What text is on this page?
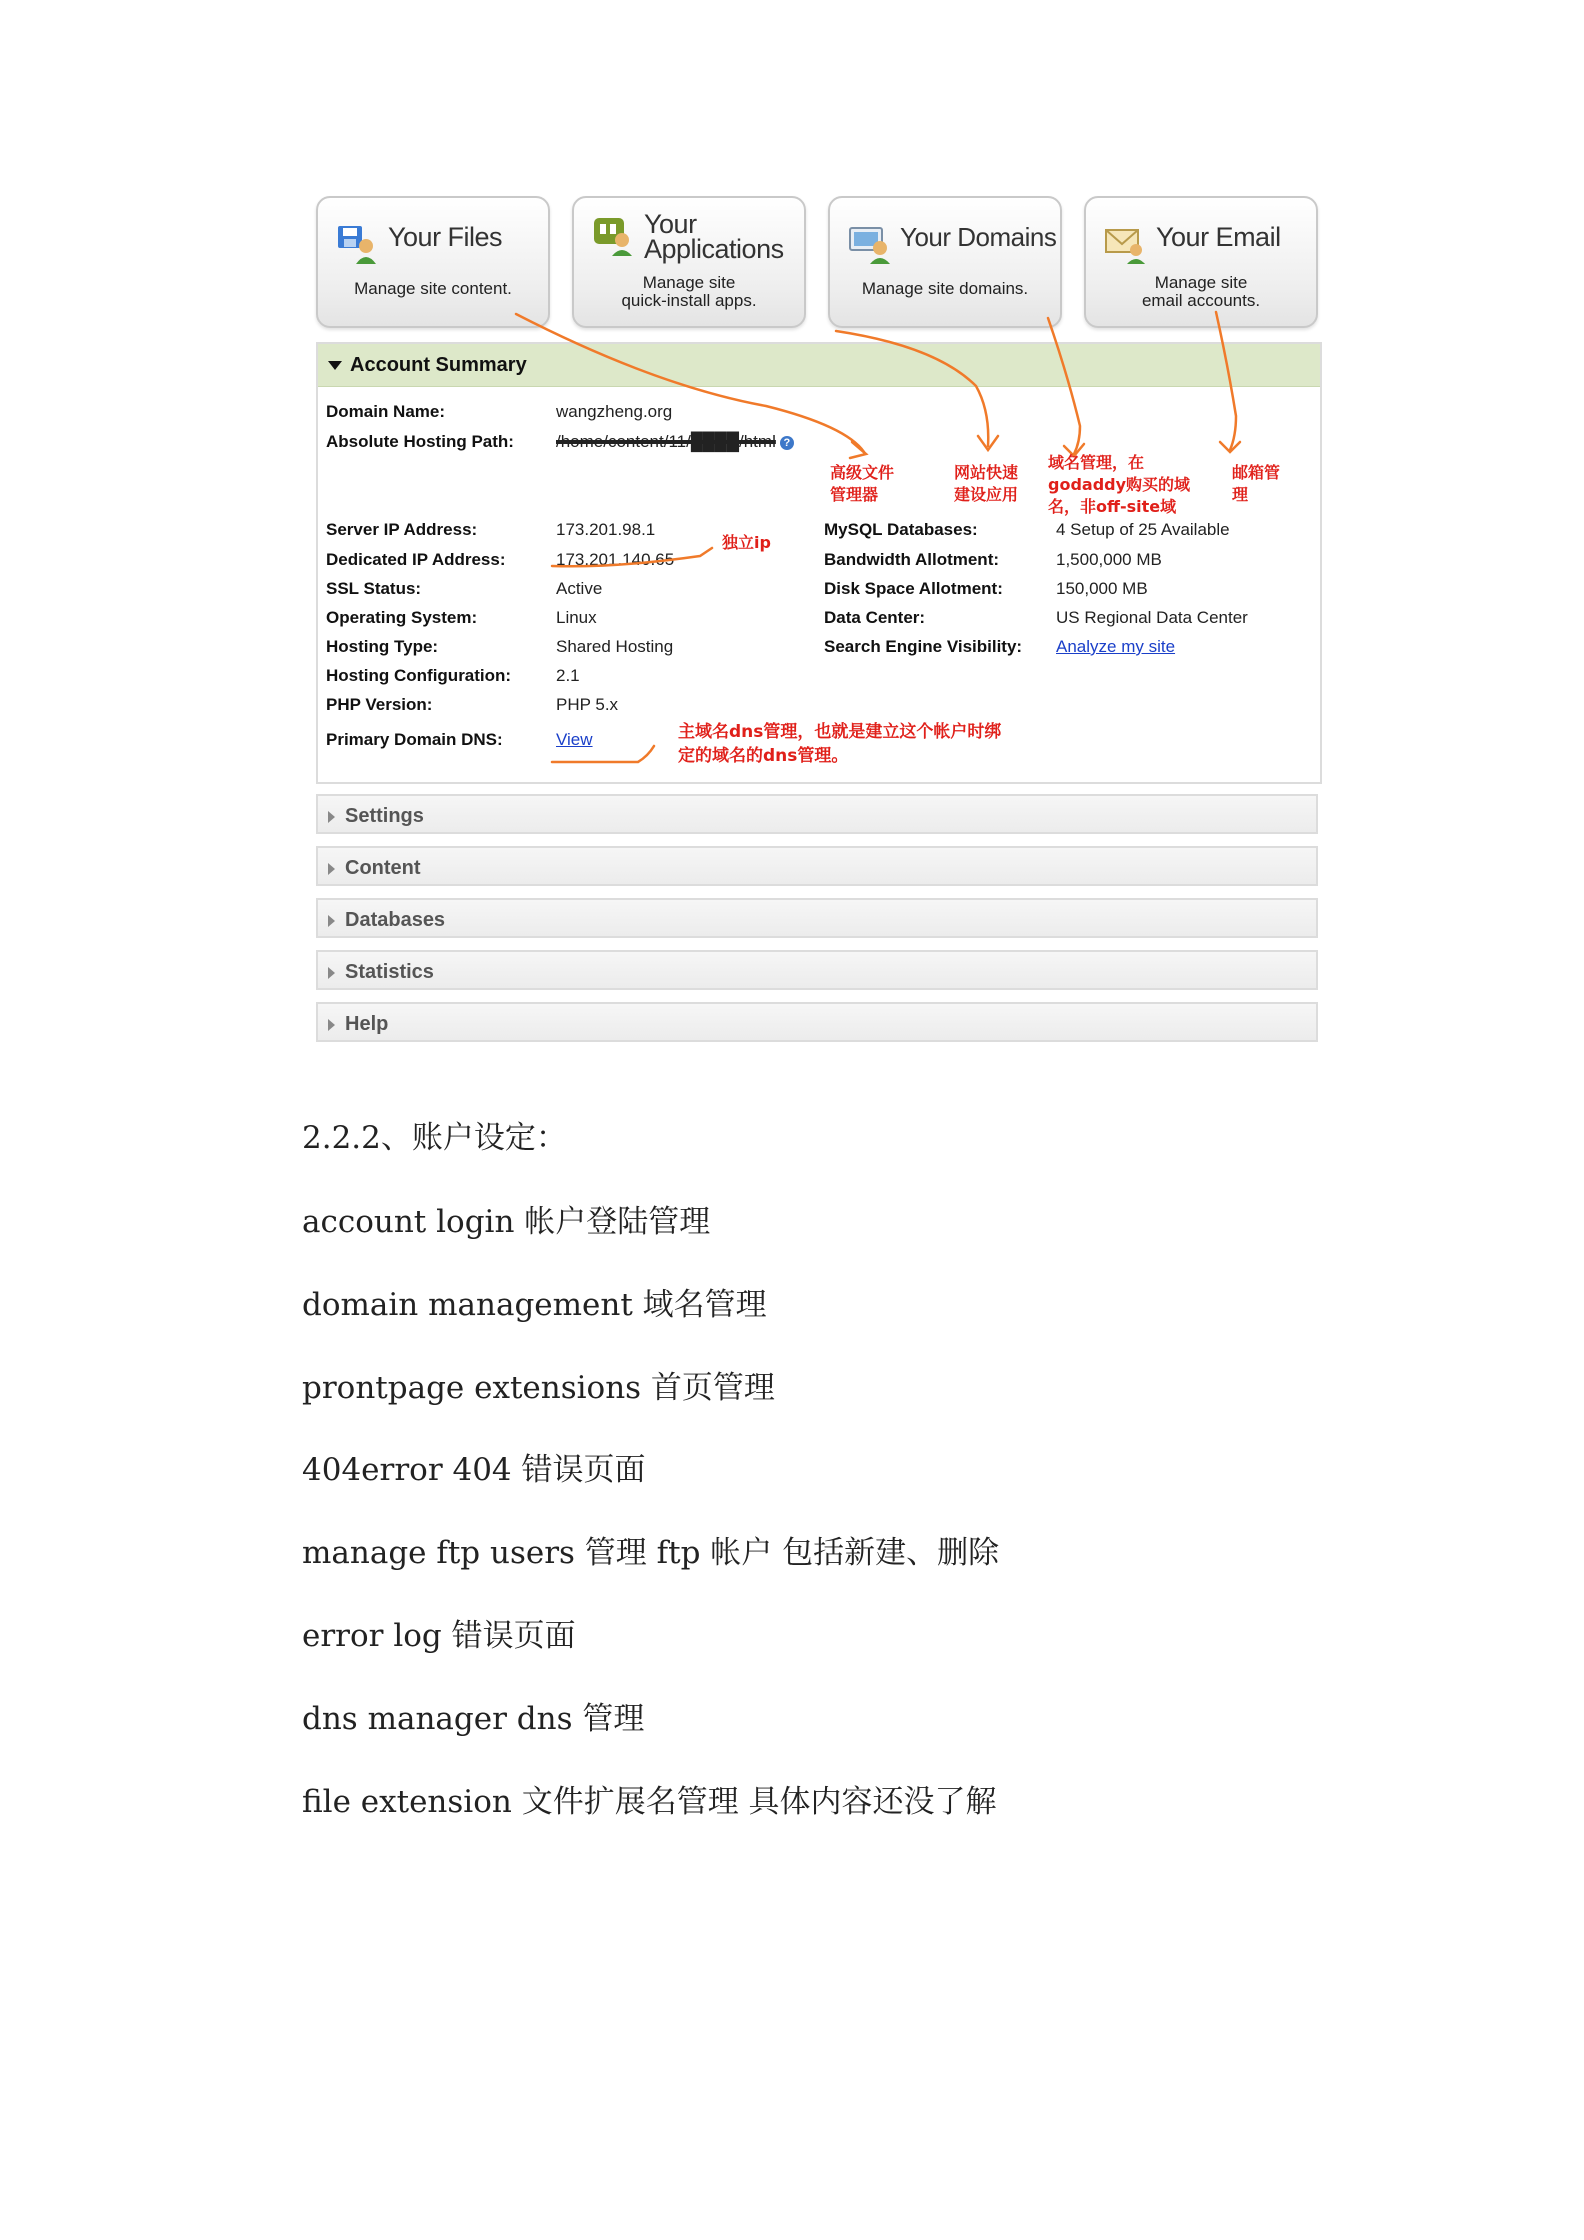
Your Files
Manage site content.
Your
Applications
Manage site
quick-install apps.
Your Domains
Manage site domains.
Your Email
Manage site
email accounts.
Account Summary
Domain Name:	wangzheng.org
Absolute Hosting Path: /home/content/11/████/html ?
Server IP Address:	173.201.98.1
Dedicated IP Address:	173.201.140.65
SSL Status:	Active
Operating System:	Linux
Hosting Type:	Shared Hosting
Hosting Configuration:	2.1
PHP Version:	PHP 5.x
Primary Domain DNS:	View
MySQL Databases:	4 Setup of 25 Available
Bandwidth Allotment:	1,500,000 MB
Disk Space Allotment:	150,000 MB
Data Center:	US Regional Data Center
Search Engine Visibility: Analyze my site
Settings
Content
Databases
Statistics
Help
高级文件
管理器
网站快速
建设应用
域名管理，在
godaddy购买的域
名，非off-site域
邮箱管
理
独立ip
主域名dns管理，也就是建立这个帐户时绑
定的域名的dns管理。
2.2.2、账户设定：
account login 帐户登陆管理
domain management 域名管理
prontpage extensions 首页管理
404error 404 错误页面
manage ftp users 管理 ftp 帐户 包括新建、删除
error log 错误页面
dns manager dns 管理
file extension 文件扩展名管理 具体内容还没了解
